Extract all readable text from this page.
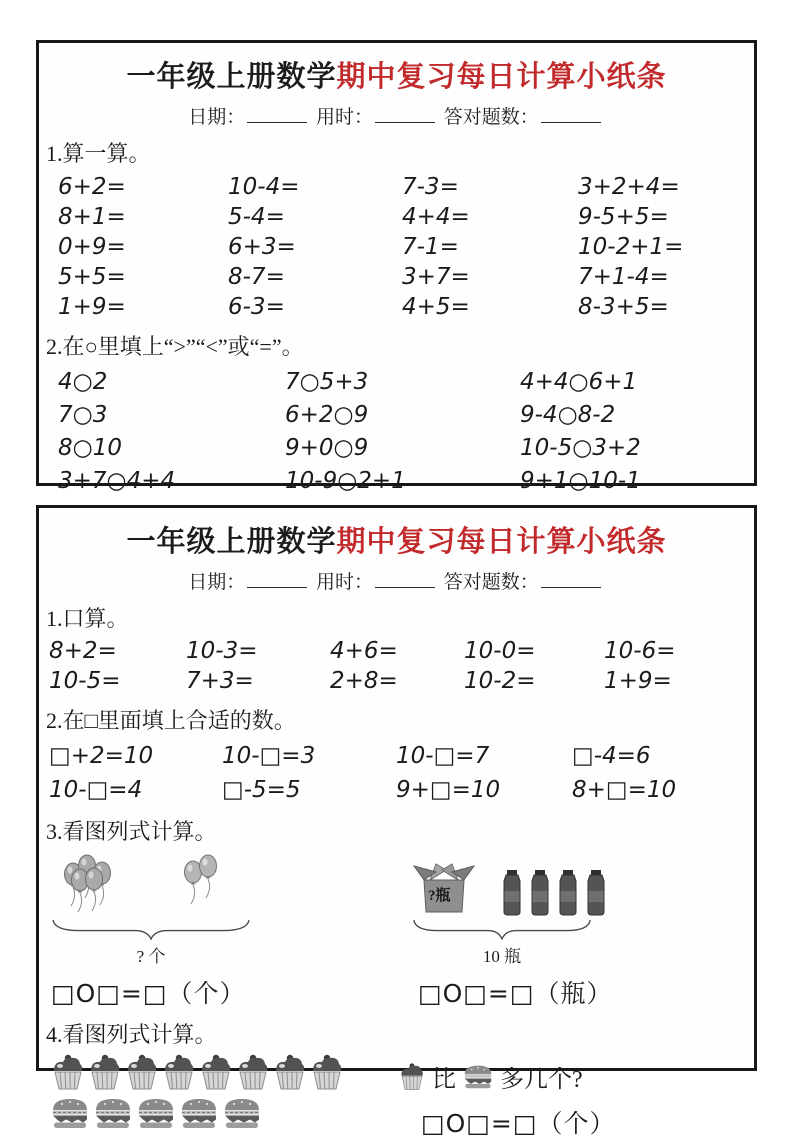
一年级上册数学期中复习每日计算小纸条
日期：	用时：	答对题数：
1.算一算。
6+2=	10-4=	7-3=	3+2+4=
8+1=	5-4=	4+4=	9-5+5=
0+9=	6+3=	7-1=	10-2+1=
5+5=	8-7=	3+7=	7+1-4=
1+9=	6-3=	4+5=	8-3+5=
2.在○里填上“>”“<”或“=”。
4○2	7○5+3	4+4○6+1
7○3	6+2○9	9-4○8-2
8○10	9+0○9	10-5○3+2
3+7○4+4	10-9○2+1	9+1○10-1
一年级上册数学期中复习每日计算小纸条
日期：	用时：	答对题数：
1.口算。
8+2=	10-3=	4+6=	10-0=	10-6=
10-5=	7+3=	2+8=	10-2=	1+9=
2.在□里面填上合适的数。
□+2=10	10-□=3	10-□=7	□-4=6
10-□=4	□-5=5	9+□=10	8+□=10
3.看图列式计算。
? 个
□O□=□（个）
?瓶
10 瓶
□O□=□（瓶）
4.看图列式计算。
比 多几个?
□O□=□（个）
